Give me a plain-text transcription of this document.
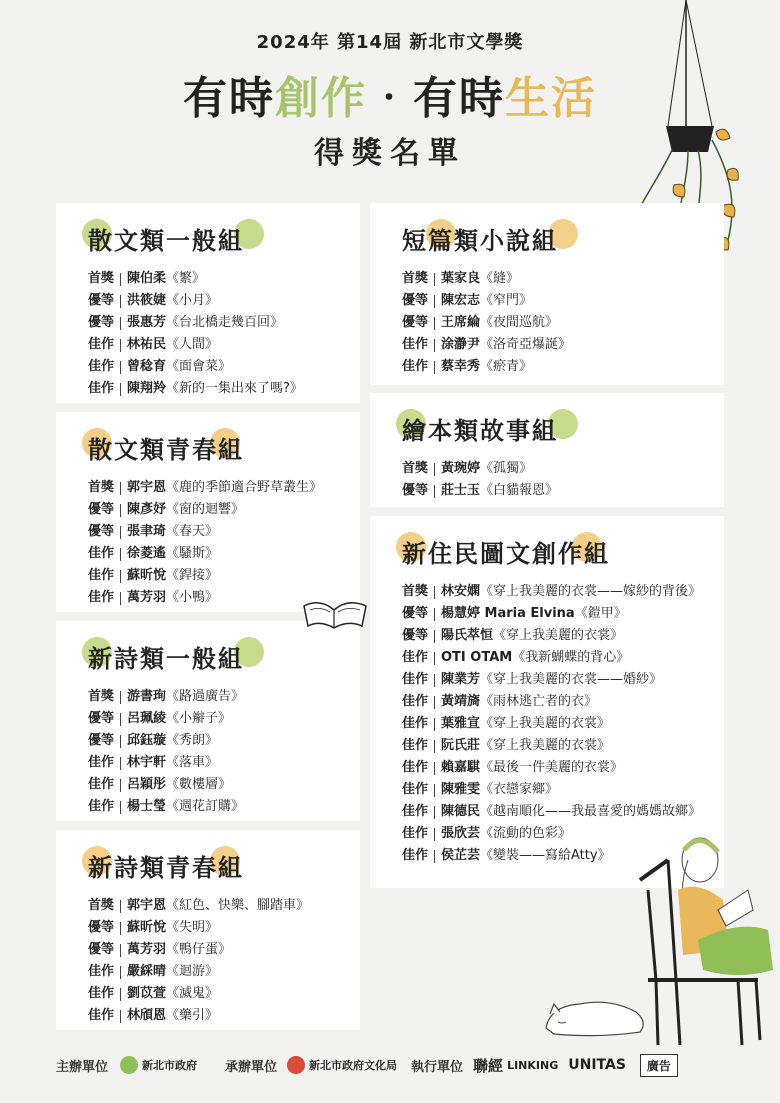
2024年 第14屆 新北市文學獎
有時創作‧有時生活
得獎名單
散文類一般組
首獎 陳伯柔 《繁》
優等 洪筱婕 《小月》
優等 張惠芳 《台北橋走幾百回》
佳作 林祐民 《人間》
佳作 曾稔育 《面會菜》
佳作 陳翔羚 《新的一集出來了嗎?》
散文類青春組
首獎 郭宇恩 《鹿的季節適合野草叢生》
優等 陳彥妤 《窗的迴響》
優等 張聿琦 《春天》
佳作 徐菱遙 《騷斯》
佳作 蘇昕悅 《銲接》
佳作 萬芳羽 《小鴨》
新詩類一般組
首獎 游書珣 《路過廣告》
優等 呂珮綾 《小辮子》
優等 邱鈺璇 《秀朗》
佳作 林宇軒 《落車》
佳作 呂穎彤 《數樓層》
佳作 楊士瑩 《週花訂購》
新詩類青春組
首獎 郭宇恩 《紅色、快樂、腳踏車》
優等 蘇昕悅 《失明》
優等 萬芳羽 《鴨仔蛋》
佳作 嚴綵晴 《迴游》
佳作 劉苡萱 《滅鬼》
佳作 林頎恩 《藥引》
短篇類小說組
首獎 葉家良 《縫》
優等 陳宏志 《窄門》
優等 王席綸 《夜間巡航》
佳作 涂瀞尹 《洛奇亞爆誕》
佳作 蔡幸秀 《瘀青》
繪本類故事組
首獎 黃琬婷 《孤獨》
優等 莊士玉 《白貓報恩》
新住民圖文創作組
首獎 林安嫻 《穿上我美麗的衣裳——嫁紗的背後》
優等 楊慧婷 Maria Elvina 《鎧甲》
優等 陽氏萃恒 《穿上我美麗的衣裳》
佳作 OTI OTAM 《我新蝴蝶的背心》
佳作 陳業芳 《穿上我美麗的衣裳——婚紗》
佳作 黃靖旖 《雨林逃亡者的衣》
佳作 葉雅宣 《穿上我美麗的衣裳》
佳作 阮氏莊 《穿上我美麗的衣裳》
佳作 賴嘉騏 《最後一件美麗的衣裳》
佳作 陳雅雯 《衣戀家鄉》
佳作 陳德民 《越南順化——我最喜愛的媽媽故鄉》
佳作 張欣芸 《流動的色彩》
佳作 侯芷芸 《變裝——寫給Atty》
主辦單位	新北市政府 承辦單位	新北市政府文化局 執行單位 聯經 LINKING UNITAS	廣告
